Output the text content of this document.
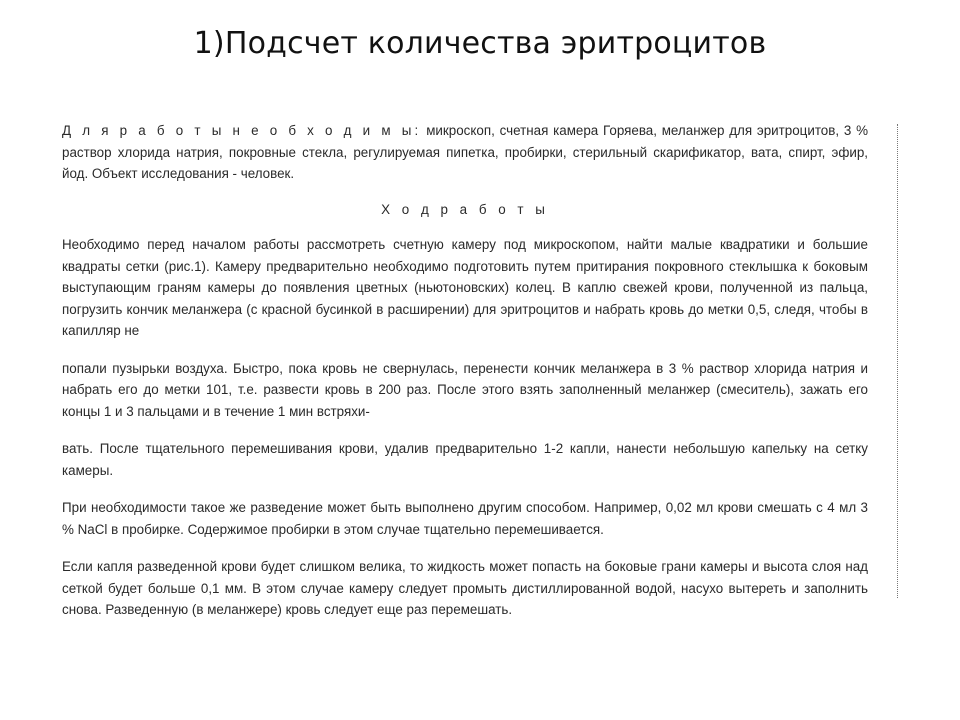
1)Подсчет количества эритроцитов

Д л я р а б о т ы н е о б х о д и м ы: микроскоп, счетная камера Горяева, меланжер для эритроцитов, 3 % раствор хлорида натрия, покровные стекла, регулируемая пипетка, пробирки, стерильный скарификатор, вата, спирт, эфир, йод. Объект исследования - человек.

Х о д р а б о т ы

Необходимо перед началом работы рассмотреть счетную камеру под микроскопом, найти малые квадратики и большие квадраты сетки (рис.1). Камеру предварительно необходимо подготовить путем притирания покровного стеклышка к боковым выступающим граням камеры до появления цветных (ньютоновских) колец. В каплю свежей крови, полученной из пальца, погрузить кончик меланжера (с красной бусинкой в расширении) для эритроцитов и набрать кровь до метки 0,5, следя, чтобы в капилляр не

попали пузырьки воздуха. Быстро, пока кровь не свернулась, перенести кончик меланжера в 3 % раствор хлорида натрия и набрать его до метки 101, т.е. развести кровь в 200 раз. После этого взять заполненный меланжер (смеситель), зажать его концы 1 и 3 пальцами и в течение 1 мин встряхи-

вать. После тщательного перемешивания крови, удалив предварительно 1-2 капли, нанести небольшую капельку на сетку камеры.

При необходимости такое же разведение может быть выполнено другим способом. Например, 0,02 мл крови смешать с 4 мл 3 % NaCl в пробирке. Содержимое пробирки в этом случае тщательно перемешивается.

Если капля разведенной крови будет слишком велика, то жидкость может попасть на боковые грани камеры и высота слоя над сеткой будет больше 0,1 мм. В этом случае камеру следует промыть дистиллированной водой, насухо вытереть и заполнить снова. Разведенную (в меланжере) кровь следует еще раз перемешать.
